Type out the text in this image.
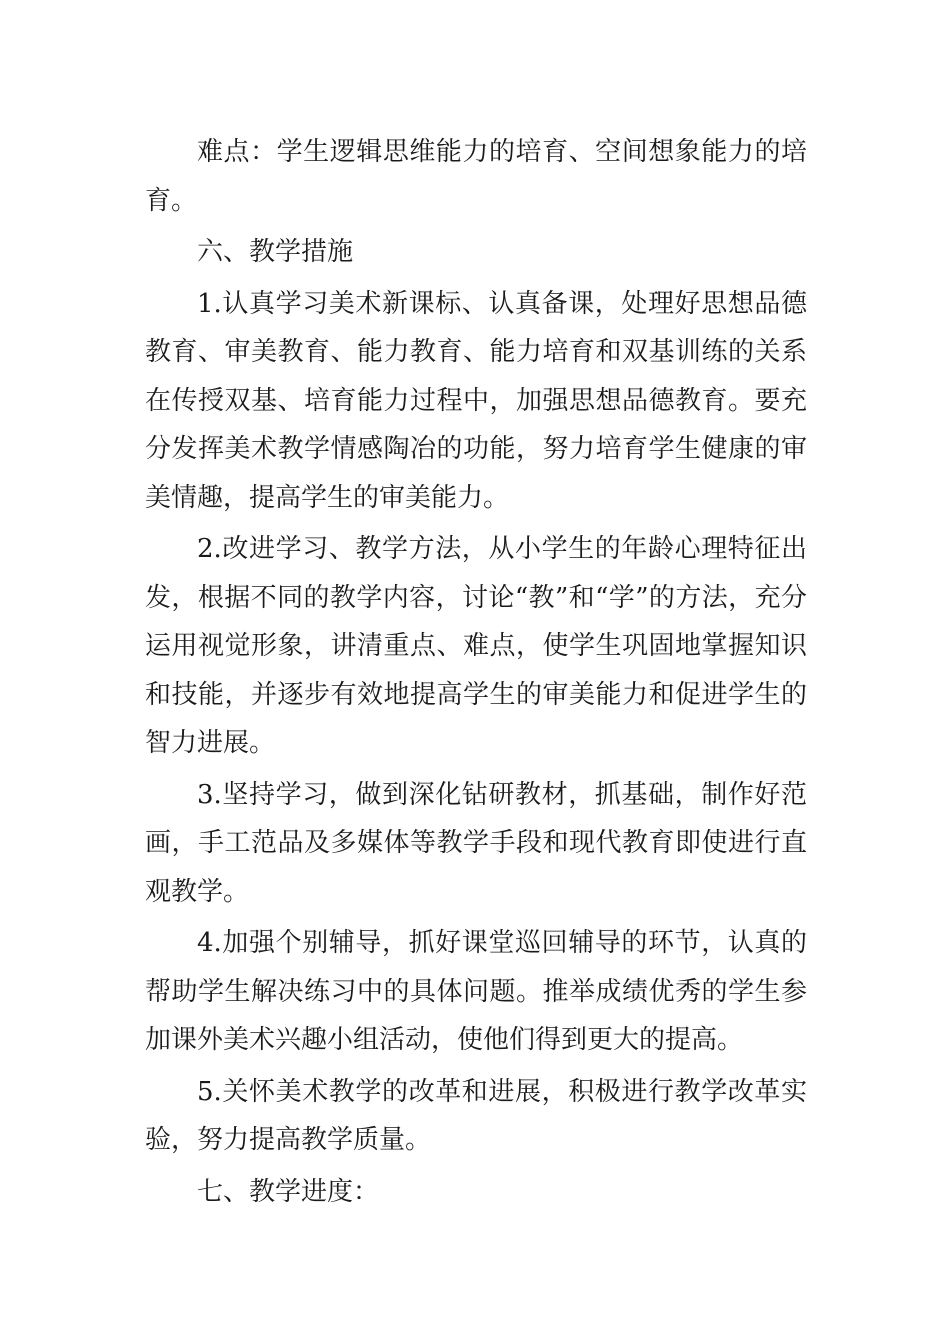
难点：学生逻辑思维能力的培育、空间想象能力的培育。

六、教学措施

1.认真学习美术新课标、认真备课，处理好思想品德教育、审美教育、能力教育、能力培育和双基训练的关系在传授双基、培育能力过程中，加强思想品德教育。要充分发挥美术教学情感陶冶的功能，努力培育学生健康的审美情趣，提高学生的审美能力。

2.改进学习、教学方法，从小学生的年龄心理特征出发，根据不同的教学内容，讨论“教”和“学”的方法，充分运用视觉形象，讲清重点、难点，使学生巩固地掌握知识和技能，并逐步有效地提高学生的审美能力和促进学生的智力进展。

3.坚持学习，做到深化钻研教材，抓基础，制作好范画，手工范品及多媒体等教学手段和现代教育即使进行直观教学。

4.加强个别辅导，抓好课堂巡回辅导的环节，认真的帮助学生解决练习中的具体问题。推举成绩优秀的学生参加课外美术兴趣小组活动，使他们得到更大的提高。

5.关怀美术教学的改革和进展，积极进行教学改革实验，努力提高教学质量。

七、教学进度：
